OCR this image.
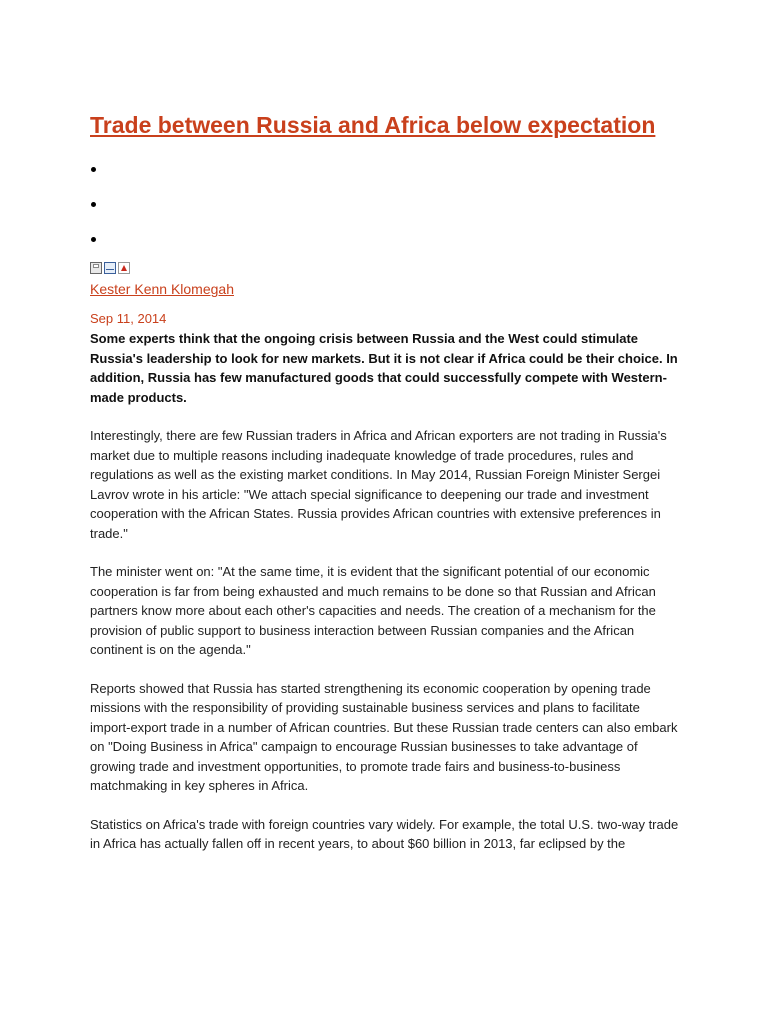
Trade between Russia and Africa below expectation
Kester Kenn Klomegah
Sep 11, 2014

Some experts think that the ongoing crisis between Russia and the West could stimulate Russia's leadership to look for new markets. But it is not clear if Africa could be their choice. In addition, Russia has few manufactured goods that could successfully compete with Western-made products.

Interestingly, there are few Russian traders in Africa and African exporters are not trading in Russia's market due to multiple reasons including inadequate knowledge of trade procedures, rules and regulations as well as the existing market conditions. In May 2014, Russian Foreign Minister Sergei Lavrov wrote in his article: "We attach special significance to deepening our trade and investment cooperation with the African States. Russia provides African countries with extensive preferences in trade."

The minister went on: "At the same time, it is evident that the significant potential of our economic cooperation is far from being exhausted and much remains to be done so that Russian and African partners know more about each other's capacities and needs. The creation of a mechanism for the provision of public support to business interaction between Russian companies and the African continent is on the agenda."

Reports showed that Russia has started strengthening its economic cooperation by opening trade missions with the responsibility of providing sustainable business services and plans to facilitate import-export trade in a number of African countries. But these Russian trade centers can also embark on "Doing Business in Africa" campaign to encourage Russian businesses to take advantage of growing trade and investment opportunities, to promote trade fairs and business-to-business matchmaking in key spheres in Africa.

Statistics on Africa's trade with foreign countries vary widely. For example, the total U.S. two-way trade in Africa has actually fallen off in recent years, to about $60 billion in 2013, far eclipsed by the
